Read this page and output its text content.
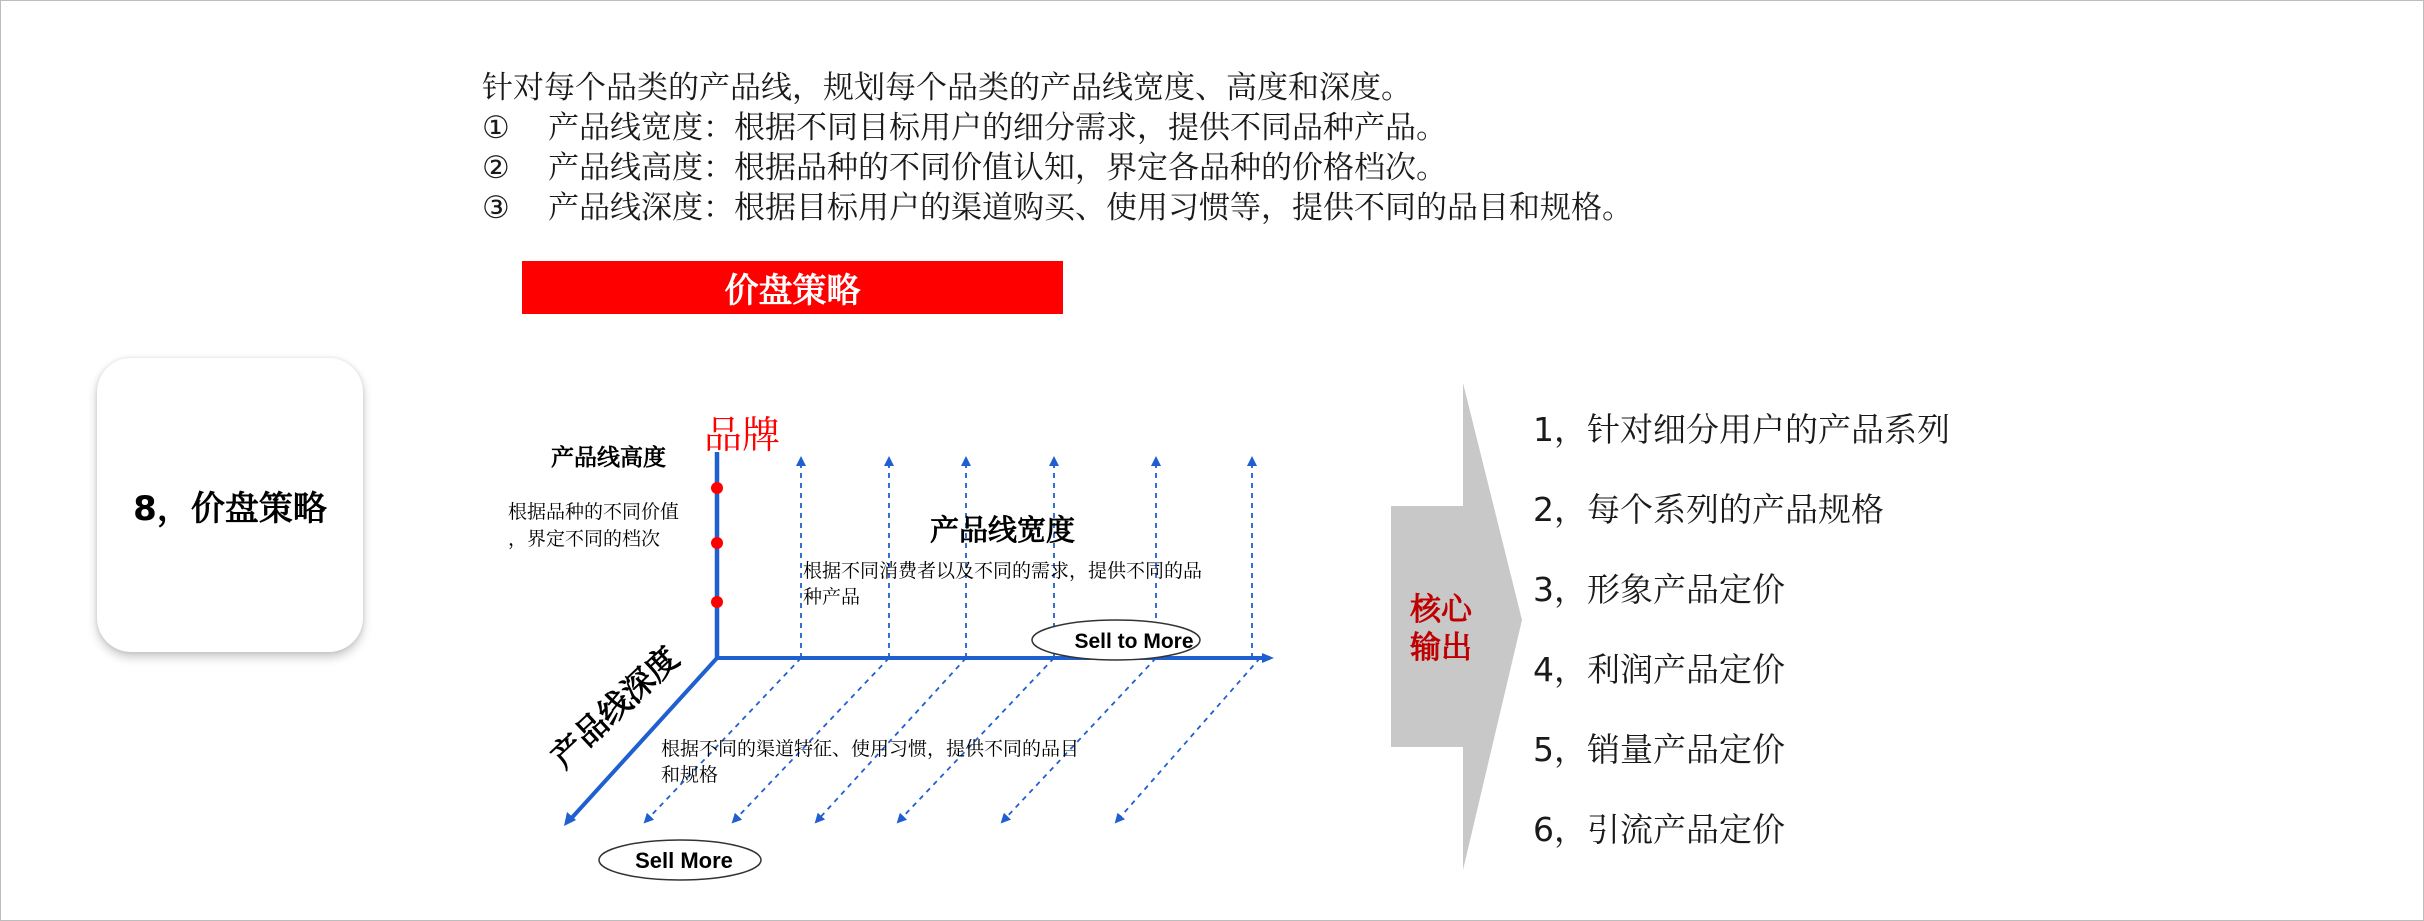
针对每个品类的产品线，规划每个品类的产品线宽度、高度和深度。
①	产品线宽度：根据不同目标用户的细分需求，提供不同品种产品。
②	产品线高度：根据品种的不同价值认知，界定各品种的价格档次。
③	产品线深度：根据目标用户的渠道购买、使用习惯等，提供不同的品目和规格。
价盘策略
8，价盘策略
品牌
产品线高度
根据品种的不同价值
，界定不同的档次	产品线宽度
根据不同消费者以及不同的需求，提供不同的品
种产品
Sell to More
产品线深度
根据不同的渠道特征、使用习惯，提供不同的品目
和规格
Sell More
核心
输出
1，针对细分用户的产品系列
2，每个系列的产品规格
3，形象产品定价
4，利润产品定价
5，销量产品定价
6，引流产品定价
